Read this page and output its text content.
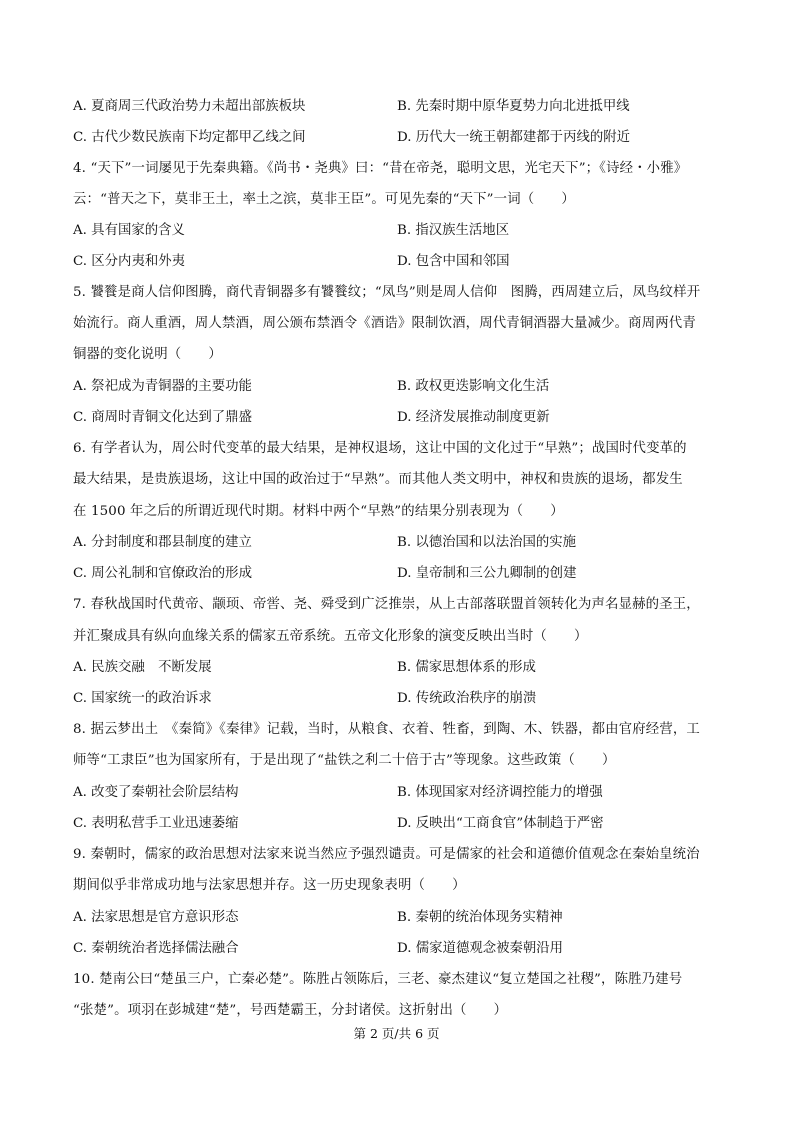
A. 夏商周三代政治势力未超出部族板块	B. 先秦时期中原华夏势力向北进抵甲线
C. 古代少数民族南下均定都甲乙线之间	D. 历代大一统王朝都建都于丙线的附近
4. “天下”一词屡见于先秦典籍。《尚书・尧典》曰：“昔在帝尧，聪明文思，光宅天下”；《诗经・小雅》
云：“普天之下，莫非王土，率土之滨，莫非王臣”。可见先秦的“天下”一词（　　）
A. 具有国家的含义	B. 指汉族生活地区
C. 区分内夷和外夷	D. 包含中国和邻国
5. 饕餮是商人信仰图腾，商代青铜器多有饕餮纹；“凤鸟”则是周人信仰　图腾，西周建立后，凤鸟纹样开
始流行。商人重酒，周人禁酒，周公颁布禁酒令《酒诰》限制饮酒，周代青铜酒器大量减少。商周两代青
铜器的变化说明（　　）
A. 祭祀成为青铜器的主要功能	B. 政权更迭影响文化生活
C. 商周时青铜文化达到了鼎盛	D. 经济发展推动制度更新
6. 有学者认为，周公时代变革的最大结果，是神权退场，这让中国的文化过于“早熟”；战国时代变革的
最大结果，是贵族退场，这让中国的政治过于“早熟”。而其他人类文明中，神权和贵族的退场，都发生
在 1500 年之后的所谓近现代时期。材料中两个“早熟”的结果分别表现为（　　）
A. 分封制度和郡县制度的建立	B. 以德治国和以法治国的实施
C. 周公礼制和官僚政治的形成	D. 皇帝制和三公九卿制的创建
7. 春秋战国时代黄帝、颛顼、帝喾、尧、舜受到广泛推崇，从上古部落联盟首领转化为声名显赫的圣王，
并汇聚成具有纵向血缘关系的儒家五帝系统。五帝文化形象的演变反映出当时（　　）
A. 民族交融　不断发展	B. 儒家思想体系的形成
C. 国家统一的政治诉求	D. 传统政治秩序的崩溃
8. 据云梦出土　《秦简》《秦律》记载，当时，从粮食、衣着、牲畜，到陶、木、铁器，都由官府经营，工
师等“工隶臣”也为国家所有，于是出现了“盐铁之利二十倍于古”等现象。这些政策（　　）
A. 改变了秦朝社会阶层结构	B. 体现国家对经济调控能力的增强
C. 表明私营手工业迅速萎缩	D. 反映出“工商食官”体制趋于严密
9. 秦朝时，儒家的政治思想对法家来说当然应予强烈谴责。可是儒家的社会和道德价值观念在秦始皇统治
期间似乎非常成功地与法家思想并存。这一历史现象表明（　　）
A. 法家思想是官方意识形态	B. 秦朝的统治体现务实精神
C. 秦朝统治者选择儒法融合	D. 儒家道德观念被秦朝沿用
10. 楚南公曰“楚虽三户，亡秦必楚”。陈胜占领陈后，三老、豪杰建议“复立楚国之社稷”，陈胜乃建号
“张楚”。项羽在彭城建“楚”，号西楚霸王，分封诸侯。这折射出（　　）
第 2 页/共 6 页
